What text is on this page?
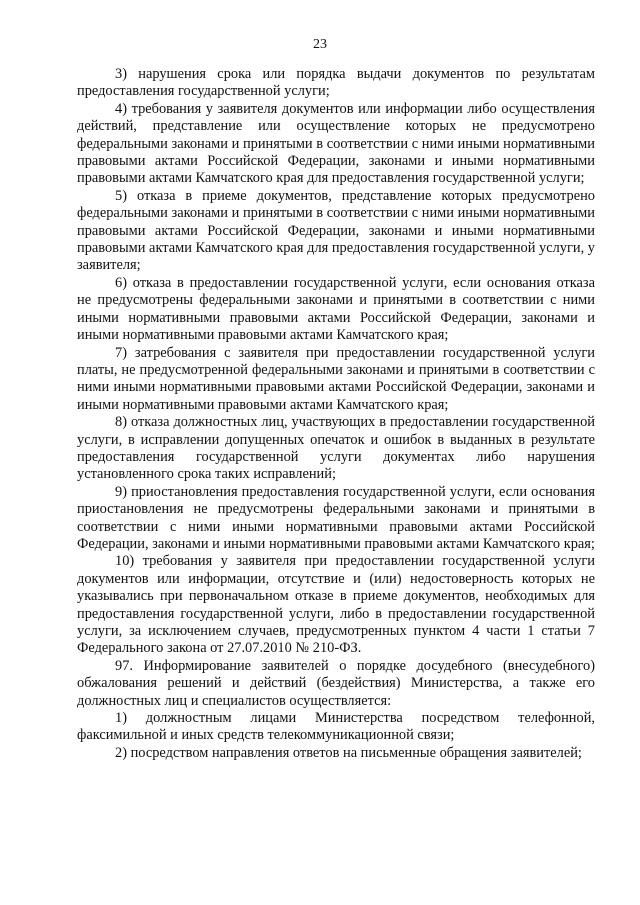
23

3) нарушения срока или порядка выдачи документов по результатам предоставления государственной услуги;

4) требования у заявителя документов или информации либо осуществления действий, представление или осуществление которых не предусмотрено федеральными законами и принятыми в соответствии с ними иными нормативными правовыми актами Российской Федерации, законами и иными нормативными правовыми актами Камчатского края для предоставления государственной услуги;

5) отказа в приеме документов, представление которых предусмотрено федеральными законами и принятыми в соответствии с ними иными нормативными правовыми актами Российской Федерации, законами и иными нормативными правовыми актами Камчатского края для предоставления государственной услуги, у заявителя;

6) отказа в предоставлении государственной услуги, если основания отказа не предусмотрены федеральными законами и принятыми в соответствии с ними иными нормативными правовыми актами Российской Федерации, законами и иными нормативными правовыми актами Камчатского края;

7) затребования с заявителя при предоставлении государственной услуги платы, не предусмотренной федеральными законами и принятыми в соответствии с ними иными нормативными правовыми актами Российской Федерации, законами и иными нормативными правовыми актами Камчатского края;

8) отказа должностных лиц, участвующих в предоставлении государственной услуги, в исправлении допущенных опечаток и ошибок в выданных в результате предоставления государственной услуги документах либо нарушения установленного срока таких исправлений;

9) приостановления предоставления государственной услуги, если основания приостановления не предусмотрены федеральными законами и принятыми в соответствии с ними иными нормативными правовыми актами Российской Федерации, законами и иными нормативными правовыми актами Камчатского края;

10) требования у заявителя при предоставлении государственной услуги документов или информации, отсутствие и (или) недостоверность которых не указывались при первоначальном отказе в приеме документов, необходимых для предоставления государственной услуги, либо в предоставлении государственной услуги, за исключением случаев, предусмотренных пунктом 4 части 1 статьи 7 Федерального закона от 27.07.2010 № 210-ФЗ.

97. Информирование заявителей о порядке досудебного (внесудебного) обжалования решений и действий (бездействия) Министерства, а также его должностных лиц и специалистов осуществляется:

1) должностным лицами Министерства посредством телефонной, факсимильной и иных средств телекоммуникационной связи;

2) посредством направления ответов на письменные обращения заявителей;
